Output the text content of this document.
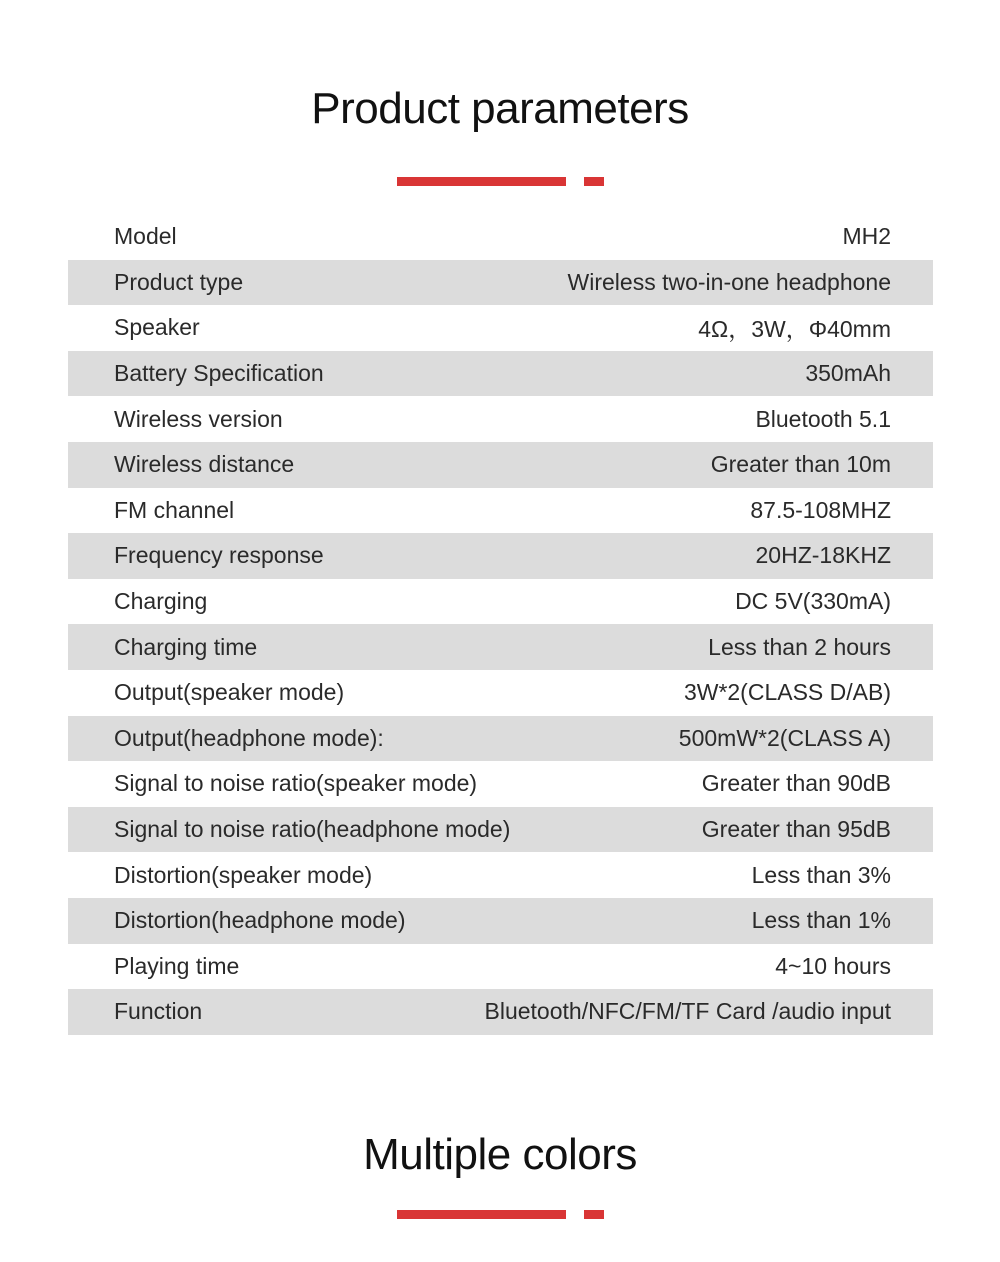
Product parameters
Model	MH2
Product type	Wireless two-in-one headphone
Speaker	4Ω，3W，Φ40mm
Battery Specification	350mAh
Wireless version	Bluetooth 5.1
Wireless distance	Greater than 10m
FM channel	87.5-108MHZ
Frequency response	20HZ-18KHZ
Charging	DC 5V(330mA)
Charging time	Less than 2 hours
Output(speaker mode)	3W*2(CLASS D/AB)
Output(headphone mode):	500mW*2(CLASS A)
Signal to noise ratio(speaker mode)	Greater than 90dB
Signal to noise ratio(headphone mode)	Greater than 95dB
Distortion(speaker mode)	Less than 3%
Distortion(headphone mode)	Less than 1%
Playing time	4~10 hours
Function	Bluetooth/NFC/FM/TF Card /audio input
Multiple colors
